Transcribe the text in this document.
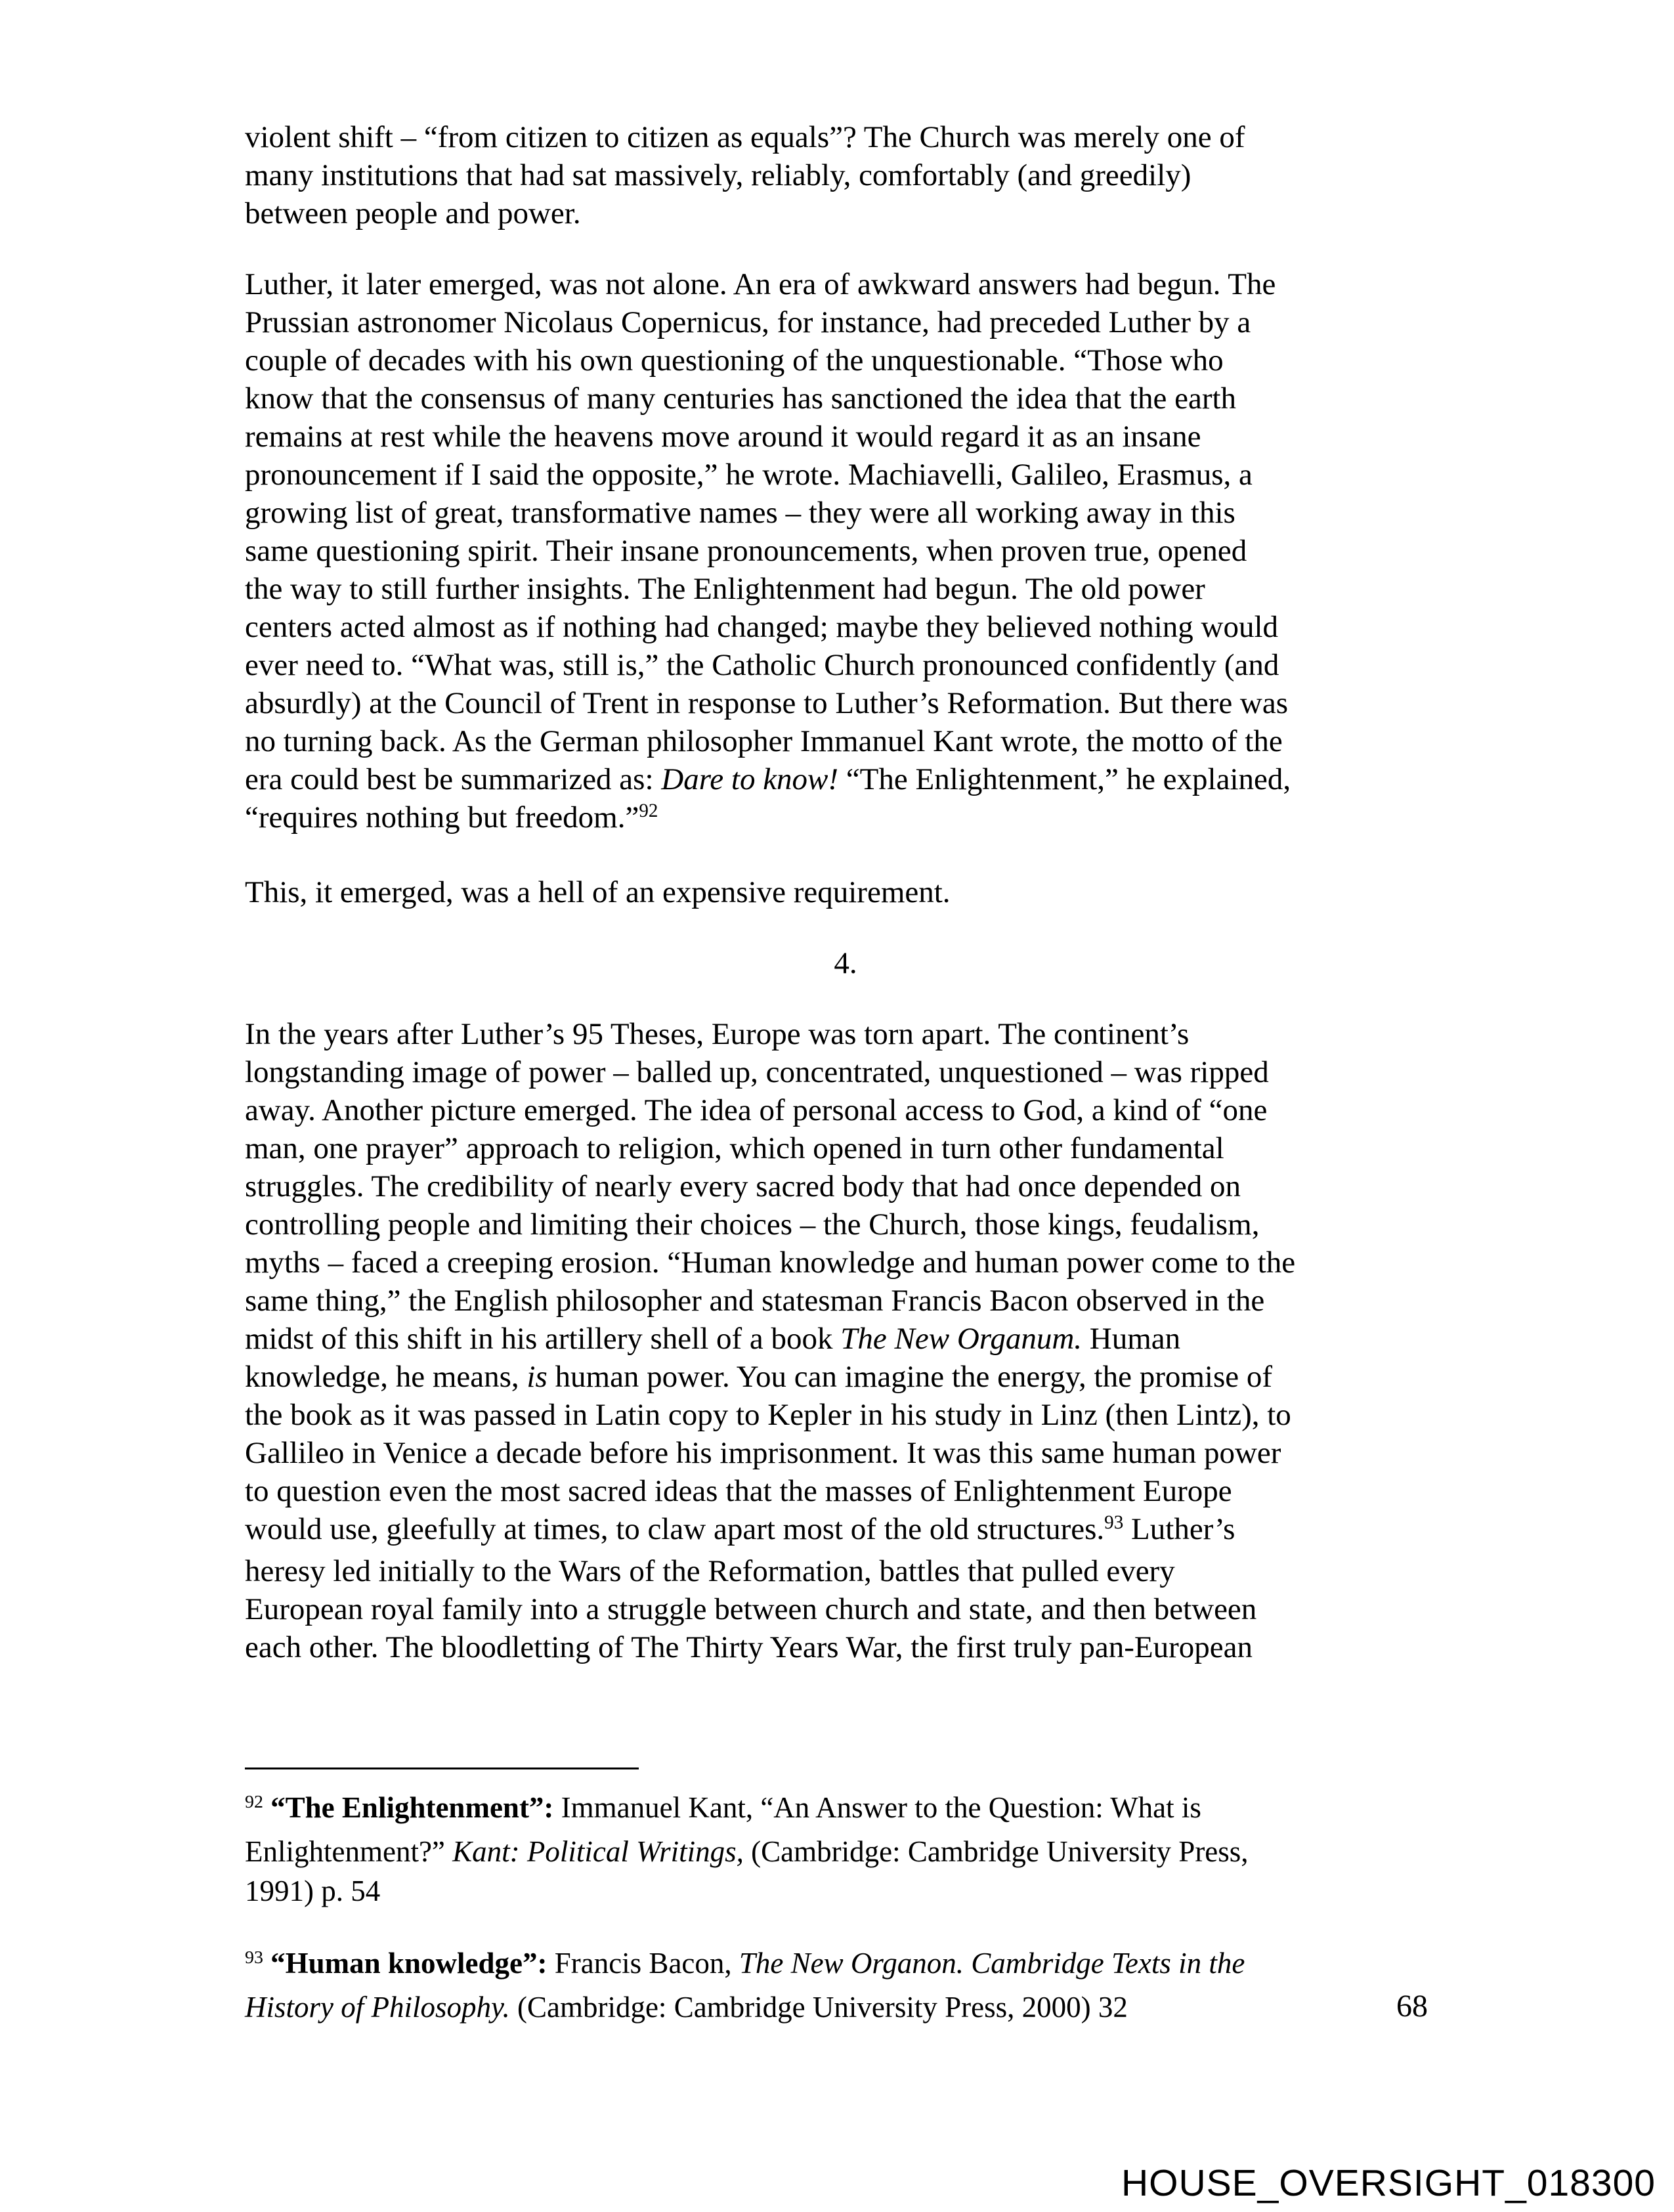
violent shift – “from citizen to citizen as equals”? The Church was merely one of
many institutions that had sat massively, reliably, comfortably (and greedily)
between people and power.
Luther, it later emerged, was not alone. An era of awkward answers had begun. The
Prussian astronomer Nicolaus Copernicus, for instance, had preceded Luther by a
couple of decades with his own questioning of the unquestionable. “Those who
know that the consensus of many centuries has sanctioned the idea that the earth
remains at rest while the heavens move around it would regard it as an insane
pronouncement if I said the opposite,” he wrote. Machiavelli, Galileo, Erasmus, a
growing list of great, transformative names – they were all working away in this
same questioning spirit. Their insane pronouncements, when proven true, opened
the way to still further insights. The Enlightenment had begun. The old power
centers acted almost as if nothing had changed; maybe they believed nothing would
ever need to. “What was, still is,” the Catholic Church pronounced confidently (and
absurdly) at the Council of Trent in response to Luther’s Reformation. But there was
no turning back. As the German philosopher Immanuel Kant wrote, the motto of the
era could best be summarized as: Dare to know! “The Enlightenment,” he explained,
“requires nothing but freedom.”$^{92}$
This, it emerged, was a hell of an expensive requirement.
4.
In the years after Luther’s 95 Theses, Europe was torn apart. The continent’s
longstanding image of power – balled up, concentrated, unquestioned – was ripped
away. Another picture emerged. The idea of personal access to God, a kind of “one
man, one prayer” approach to religion, which opened in turn other fundamental
struggles. The credibility of nearly every sacred body that had once depended on
controlling people and limiting their choices – the Church, those kings, feudalism,
myths – faced a creeping erosion. “Human knowledge and human power come to the
same thing,” the English philosopher and statesman Francis Bacon observed in the
midst of this shift in his artillery shell of a book The New Organum. Human
knowledge, he means, is human power. You can imagine the energy, the promise of
the book as it was passed in Latin copy to Kepler in his study in Linz (then Lintz), to
Gallileo in Venice a decade before his imprisonment. It was this same human power
to question even the most sacred ideas that the masses of Enlightenment Europe
would use, gleefully at times, to claw apart most of the old structures.$^{93}$ Luther’s
heresy led initially to the Wars of the Reformation, battles that pulled every
European royal family into a struggle between church and state, and then between
each other. The bloodletting of The Thirty Years War, the first truly pan-European
$^{92}$ “The Enlightenment”: Immanuel Kant, “An Answer to the Question: What is
Enlightenment?” Kant: Political Writings, (Cambridge: Cambridge University Press,
1991) p. 54
$^{93}$ “Human knowledge”: Francis Bacon, The New Organon. Cambridge Texts in the
History of Philosophy. (Cambridge: Cambridge University Press, 2000) 32	68
HOUSE_OVERSIGHT_018300
